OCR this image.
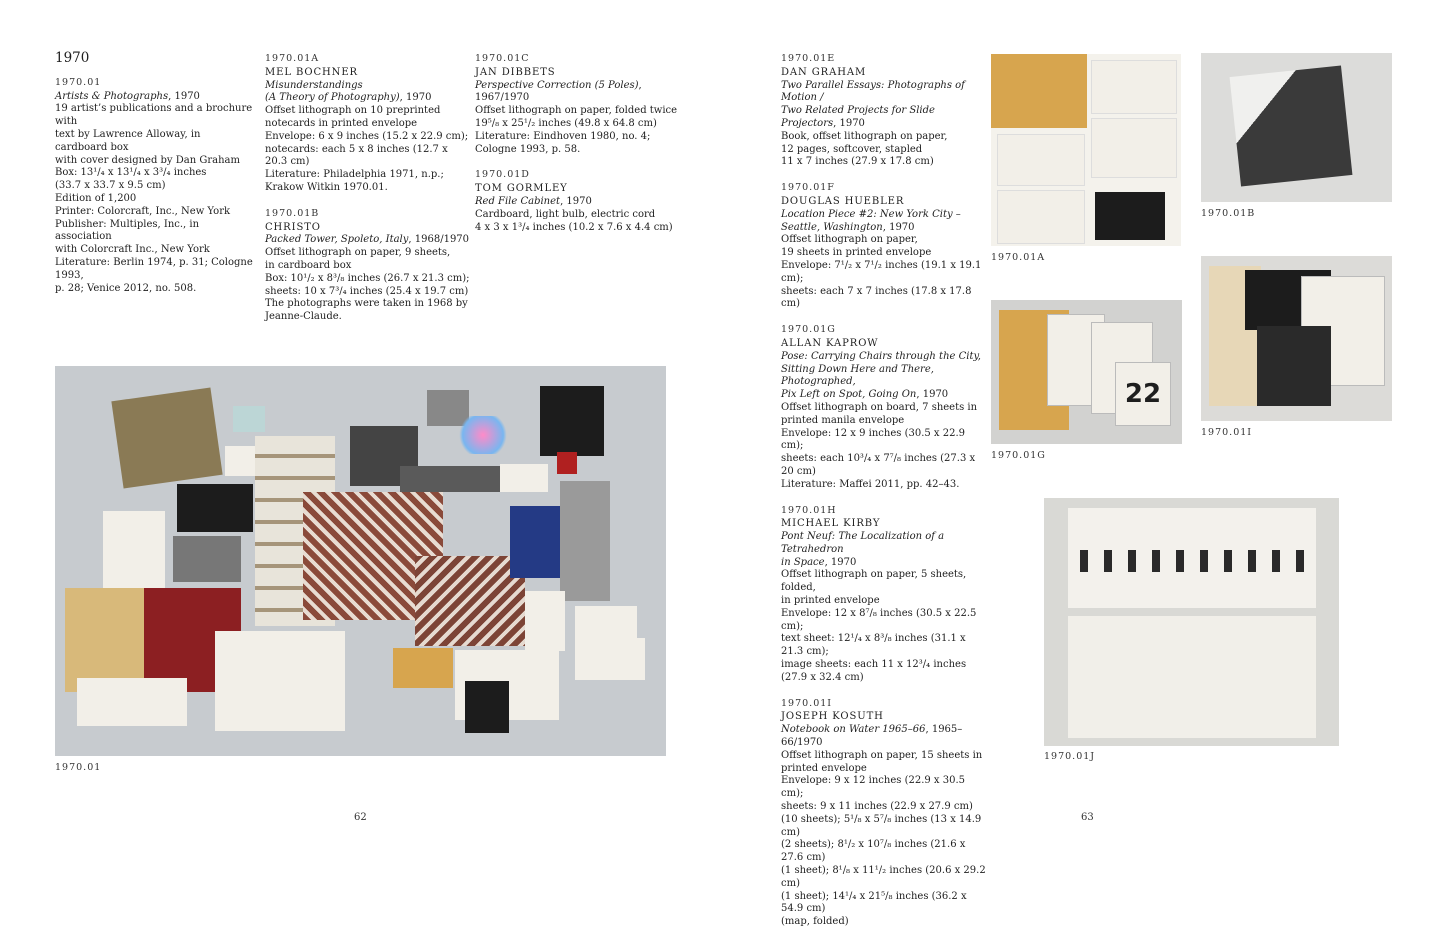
1970
1970.01
Artists & Photographs, 1970
19 artist’s publications and a brochure with
text by Lawrence Alloway, in cardboard box
with cover designed by Dan Graham
Box: 13¹/₄ x 13¹/₄ x 3³/₄ inches
(33.7 x 33.7 x 9.5 cm)
Edition of 1,200
Printer: Colorcraft, Inc., New York
Publisher: Multiples, Inc., in association
with Colorcraft Inc., New York
Literature: Berlin 1974, p. 31; Cologne 1993,
p. 28; Venice 2012, no. 508.
1970.01A
MEL BOCHNER
Misunderstandings
(A Theory of Photography), 1970
Offset lithograph on 10 preprinted
notecards in printed envelope
Envelope: 6 x 9 inches (15.2 x 22.9 cm);
notecards: each 5 x 8 inches (12.7 x 20.3 cm)
Literature: Philadelphia 1971, n.p.;
Krakow Witkin 1970.01.
1970.01B
CHRISTO
Packed Tower, Spoleto, Italy, 1968/1970
Offset lithograph on paper, 9 sheets,
in cardboard box
Box: 10¹/₂ x 8³/₈ inches (26.7 x 21.3 cm);
sheets: 10 x 7³/₄ inches (25.4 x 19.7 cm)
The photographs were taken in 1968 by
Jeanne-Claude.
1970.01C
JAN DIBBETS
Perspective Correction (5 Poles), 1967/1970
Offset lithograph on paper, folded twice
19⁵/₈ x 25¹/₂ inches (49.8 x 64.8 cm)
Literature: Eindhoven 1980, no. 4;
Cologne 1993, p. 58.
1970.01D
TOM GORMLEY
Red File Cabinet, 1970
Cardboard, light bulb, electric cord
4 x 3 x 1³/₄ inches (10.2 x 7.6 x 4.4 cm)
1970.01
62
1970.01E
DAN GRAHAM
Two Parallel Essays: Photographs of Motion /
Two Related Projects for Slide Projectors, 1970
Book, offset lithograph on paper,
12 pages, softcover, stapled
11 x 7 inches (27.9 x 17.8 cm)
1970.01F
DOUGLAS HUEBLER
Location Piece #2: New York City –
Seattle, Washington, 1970
Offset lithograph on paper,
19 sheets in printed envelope
Envelope: 7¹/₂ x 7¹/₂ inches (19.1 x 19.1 cm);
sheets: each 7 x 7 inches (17.8 x 17.8 cm)
1970.01G
ALLAN KAPROW
Pose: Carrying Chairs through the City,
Sitting Down Here and There, Photographed,
Pix Left on Spot, Going On, 1970
Offset lithograph on board, 7 sheets in
printed manila envelope
Envelope: 12 x 9 inches (30.5 x 22.9 cm);
sheets: each 10³/₄ x 7⁷/₈ inches (27.3 x 20 cm)
Literature: Maffei 2011, pp. 42–43.
1970.01H
MICHAEL KIRBY
Pont Neuf: The Localization of a Tetrahedron
in Space, 1970
Offset lithograph on paper, 5 sheets, folded,
in printed envelope
Envelope: 12 x 8⁷/₈ inches (30.5 x 22.5 cm);
text sheet: 12¹/₄ x 8³/₈ inches (31.1 x 21.3 cm);
image sheets: each 11 x 12³/₄ inches
(27.9 x 32.4 cm)
1970.01I
JOSEPH KOSUTH
Notebook on Water 1965–66, 1965–66/1970
Offset lithograph on paper, 15 sheets in
printed envelope
Envelope: 9 x 12 inches (22.9 x 30.5 cm);
sheets: 9 x 11 inches (22.9 x 27.9 cm)
(10 sheets); 5¹/₈ x 5⁷/₈ inches (13 x 14.9 cm)
(2 sheets); 8¹/₂ x 10⁷/₈ inches (21.6 x 27.6 cm)
(1 sheet); 8¹/₈ x 11¹/₂ inches (20.6 x 29.2 cm)
(1 sheet); 14¹/₄ x 21⁵/₈ inches (36.2 x 54.9 cm)
(map, folded)
1970.01A
1970.01B
22
1970.01G
1970.01I
1970.01J
63
